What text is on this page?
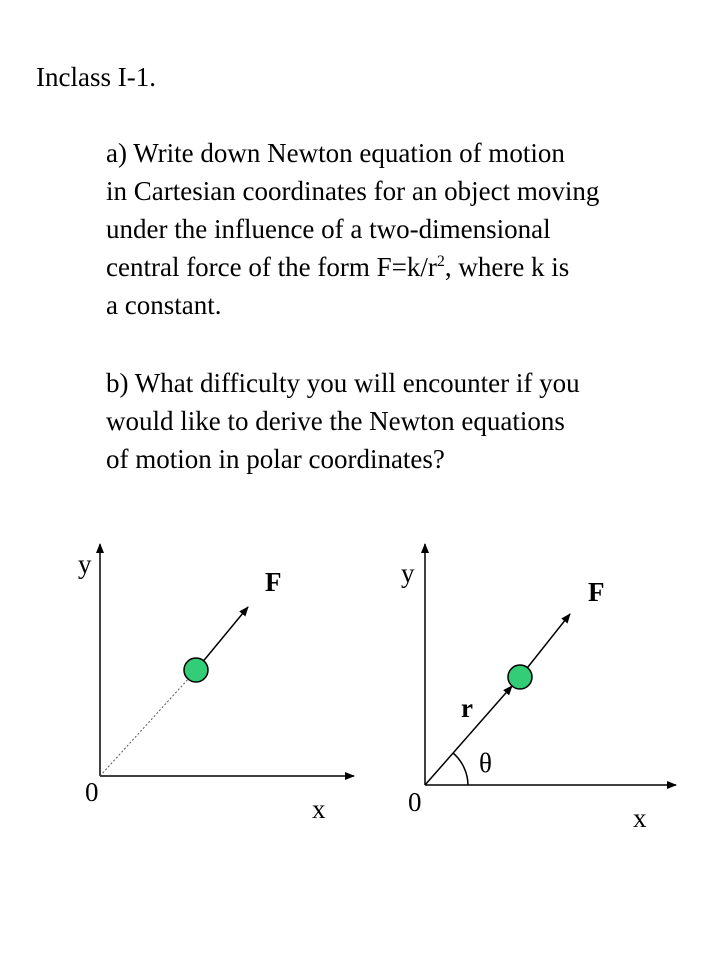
Inclass I-1.
a) Write down Newton equation of motion
in Cartesian coordinates for an object moving
under the influence of a two-dimensional
central force of the form $F=k/r^2$, where k is
a constant.
b) What difficulty you will encounter if you
would like to derive the Newton equations
of motion in polar coordinates?
y
F
0
x
y
F
r
θ
0
x
